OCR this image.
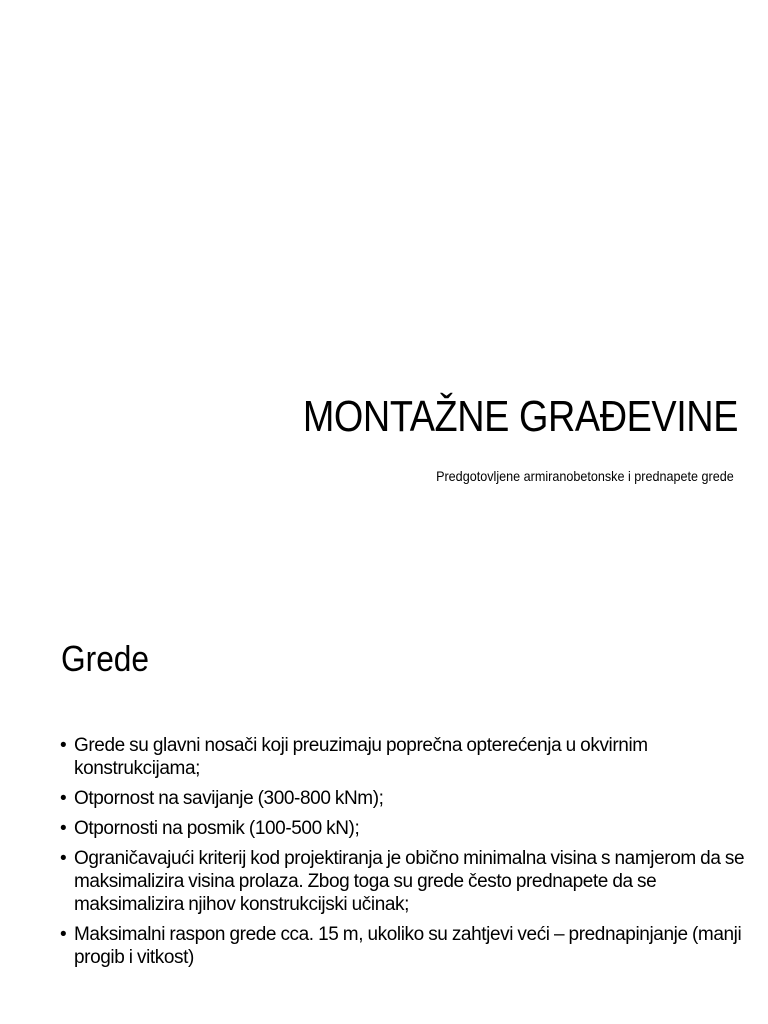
MONTAŽNE GRAĐEVINE

Predgotovljene armiranobetonske i prednapete grede

Grede
• Grede su glavni nosači koji preuzimaju poprečna opterećenja u okvirnim konstrukcijama;
• Otpornost na savijanje (300-800 kNm);
• Otpornosti na posmik (100-500 kN);
• Ograničavajući kriterij kod projektiranja je obično minimalna visina s namjerom da se maksimalizira visina prolaza. Zbog toga su grede često prednapete da se maksimalizira njihov konstrukcijski učinak;
• Maksimalni raspon grede cca. 15 m, ukoliko su zahtjevi veći – prednapinjanje (manji progib i vitkost)
